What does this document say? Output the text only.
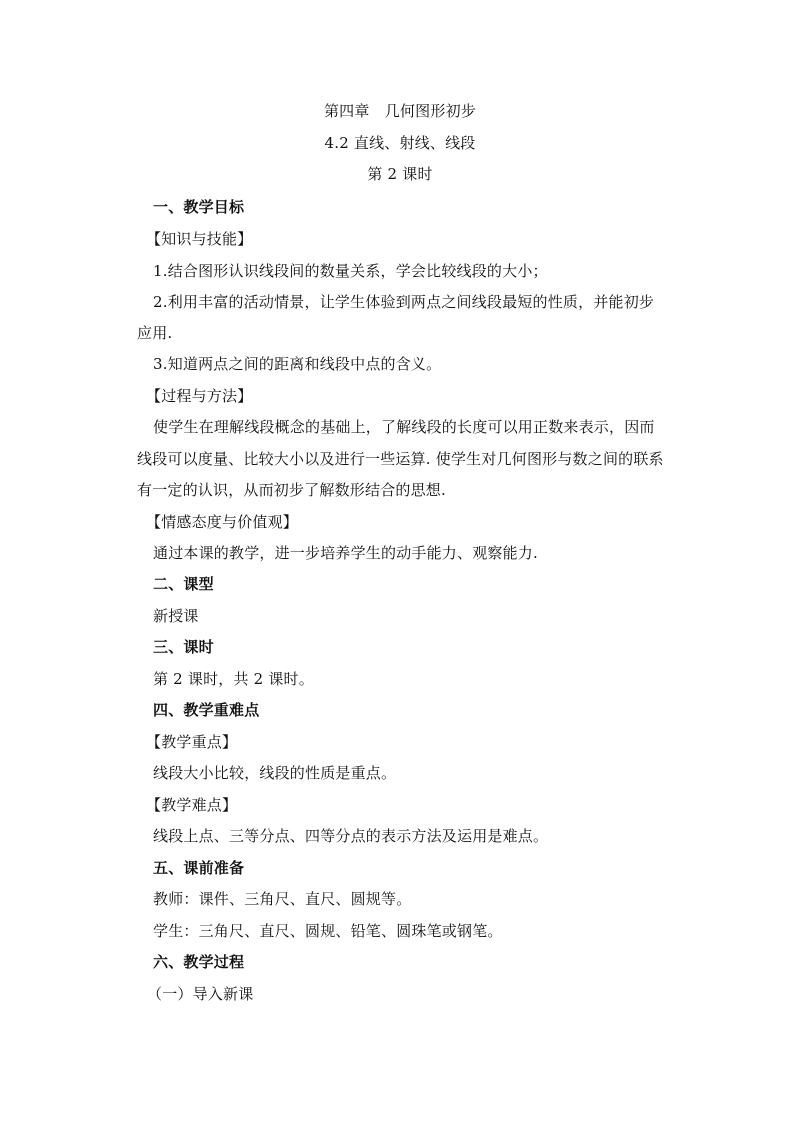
第四章　几何图形初步
4.2 直线、射线、线段
第 2 课时
一、教学目标
【知识与技能】
1.结合图形认识线段间的数量关系，学会比较线段的大小；
2.利用丰富的活动情景，让学生体验到两点之间线段最短的性质，并能初步
应用.
3.知道两点之间的距离和线段中点的含义。
【过程与方法】
使学生在理解线段概念的基础上，了解线段的长度可以用正数来表示，因而
线段可以度量、比较大小以及进行一些运算. 使学生对几何图形与数之间的联系
有一定的认识，从而初步了解数形结合的思想.
【情感态度与价值观】
通过本课的教学，进一步培养学生的动手能力、观察能力.
二、课型
新授课
三、课时
第 2 课时，共 2 课时。
四、教学重难点
【教学重点】
线段大小比较，线段的性质是重点。
【教学难点】
线段上点、三等分点、四等分点的表示方法及运用是难点。
五、课前准备
教师：课件、三角尺、直尺、圆规等。
学生：三角尺、直尺、圆规、铅笔、圆珠笔或钢笔。
六、教学过程
（一）导入新课
